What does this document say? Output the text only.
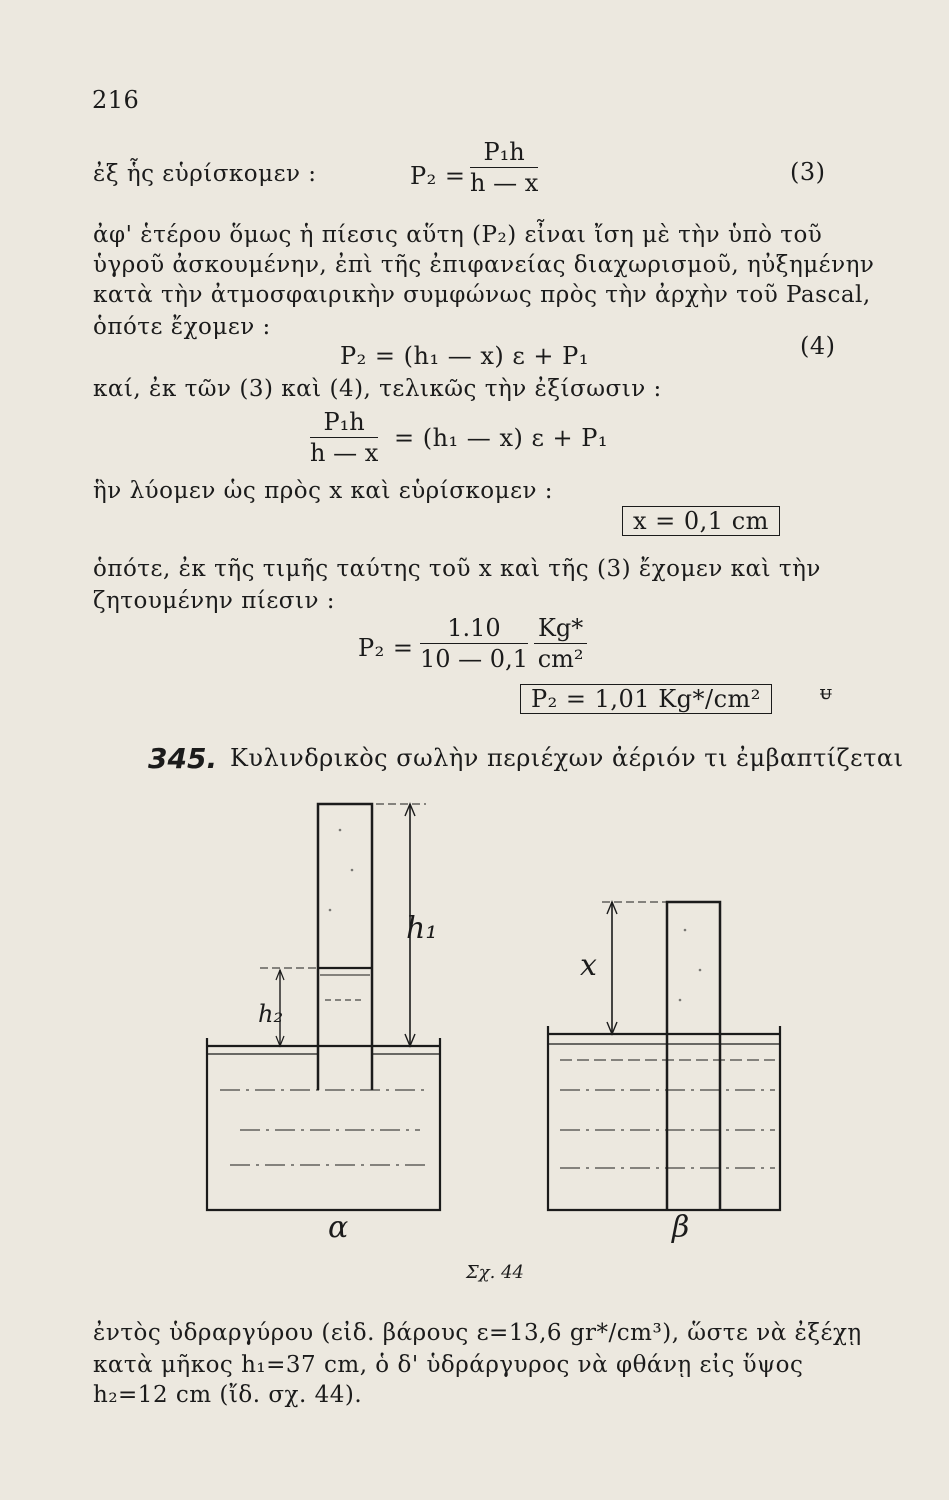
216
ἐξ ἧς εὑρίσκομεν :	$P_2 = \frac{\text{P₁h}}{h — x}$	(3)
ἀφ' ἑτέρου ὅμως ἡ πίεσις αὕτη (P₂) εἶναι ἴση μὲ τὴν ὑπὸ τοῦ
ὑγροῦ ἀσκουμένην, ἐπὶ τῆς ἐπιφανείας διαχωρισμοῦ, ηὐξημένην
κατὰ τὴν ἀτμοσφαιρικὴν συμφώνως πρὸς τὴν ἀρχὴν τοῦ Pascal,
ὁπότε ἔχομεν :
P₂ = (h₁ — x) ε + P₁	(4)
καί, ἐκ τῶν (3) καὶ (4), τελικῶς τὴν ἐξίσωσιν :
$\frac{\text{P₁h}}{h — x} = (h_1$ — x) ε + P₁
ἣν λύομεν ὡς πρὸς x καὶ εὑρίσκομεν :
x = 0,1 cm
ὁπότε, ἐκ τῆς τιμῆς ταύτης τοῦ x καὶ τῆς (3) ἔχομεν καὶ τὴν
ζητουμένην πίεσιν :
$P_2 = \frac{1.10}{10 — 0,1} \frac{Kg*}{\text{cm²}}$
P₂ = 1,01 Kg*/cm²	ᵾ
345. Κυλινδρικὸς σωλὴν περιέχων ἀέριόν τι ἐμβαπτίζεται
h₁
h₂
x
α	β
Σχ. 44
ἐντὸς ὑδραργύρου (εἰδ. βάρους ε=13,6 gr*/cm³), ὥστε νὰ ἐξέχῃ
κατὰ μῆκος h₁=37 cm, ὁ δ' ὑδράργυρος νὰ φθάνῃ εἰς ὕψος
h₂=12 cm (ἴδ. σχ. 44).
